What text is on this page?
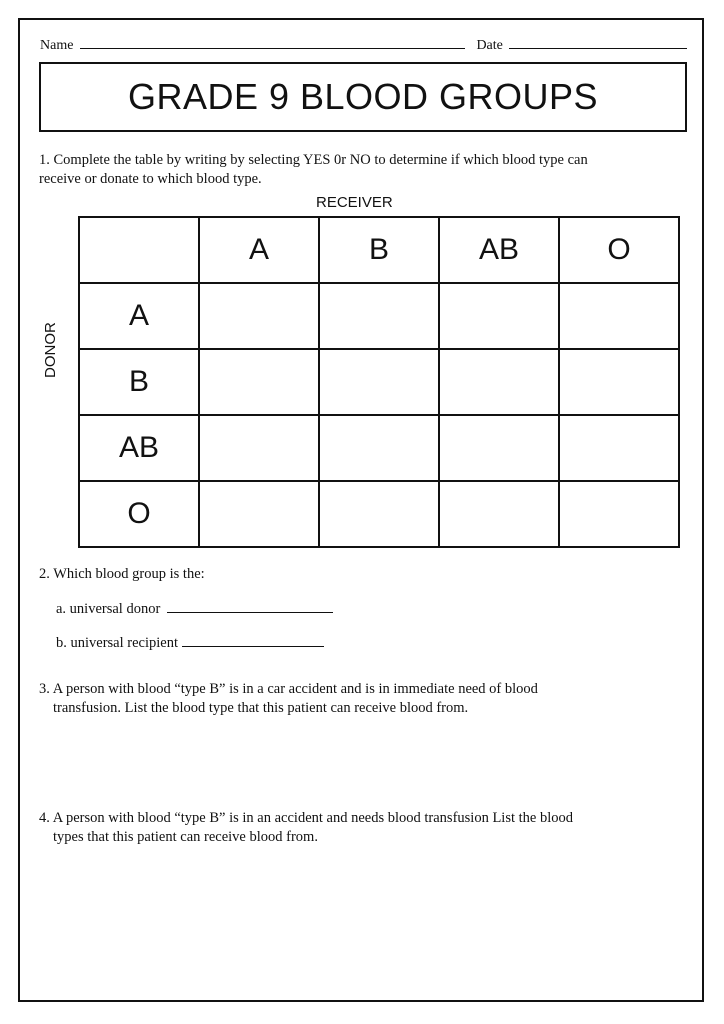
Name	Date
GRADE 9 BLOOD GROUPS
1. Complete the table by writing by selecting YES 0r NO to determine if which blood type can
receive or donate to which blood type.
RECEIVER
DONOR
	A	B	AB	O
A				
B				
AB				
O				
2. Which blood group is the:
a. universal donor
b. universal recipient
3. A person with blood “type B” is in a car accident and is in immediate need of blood
transfusion. List the blood type that this patient can receive blood from.
4. A person with blood “type B” is in an accident and needs blood transfusion List the blood
types that this patient can receive blood from.
